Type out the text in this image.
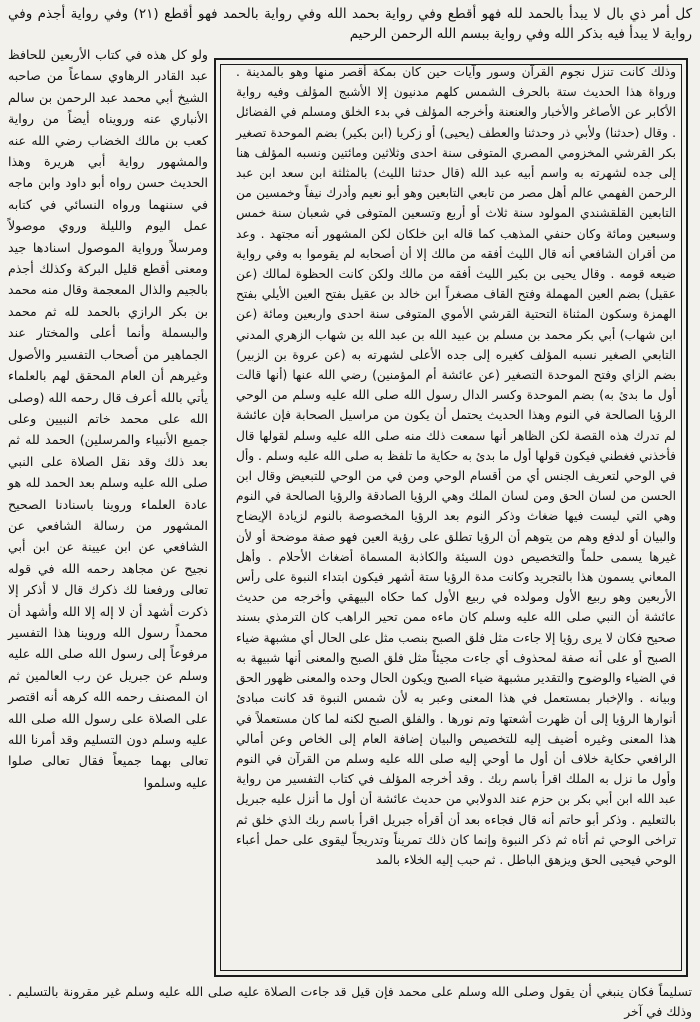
كل أمر ذي بال لا يبدأ بالحمد لله فهو أقطع وفي رواية بحمد الله وفي رواية بالحمد فهو أقطع (٢١) وفي رواية أجذم وفي رواية لا يبدأ فيه بذكر الله وفي رواية ببسم الله الرحمن الرحيم
وذلك كانت تنزل نجوم القرآن وسور وآيات حين كان بمكة أقصر منها وهو بالمدينة . ورواة هذا الحديث ستة بالحرف الشمس كلهم مدنيون إلا الأشبج المؤلف وفيه رواية الأكابر عن الأصاغر والأخبار والعنعنة وأخرجه المؤلف في بدء الخلق ومسلم في الفضائل . وقال (حدثنا) ولأبي ذر وحدثنا والعطف (يحيى) أو زكريا (ابن بكير) بضم الموحدة تصغير بكر القرشي المخزومي المصري المتوفى سنة احدى وثلاثين ومائتين ونسبه المؤلف هنا إلى جده لشهرته به واسم أبيه عبد الله (قال حدثنا الليث) بالمثلثة ابن سعد ابن عبد الرحمن الفهمي عالم أهل مصر من تابعي التابعين وهو أبو نعيم وأدرك نيفاً وخمسين من التابعين القلقشندي المولود سنة ثلاث أو أربع وتسعين المتوفى في شعبان سنة خمس وسبعين ومائة وكان حنفي المذهب كما قاله ابن خلكان لكن المشهور أنه مجتهد . وعد من أقران الشافعي أنه قال الليث أفقه من مالك إلا أن أصحابه لم يقوموا به وفي رواية ضيعه قومه . وقال يحيى بن بكير الليث أفقه من مالك ولكن كانت الحظوة لمالك (عن عقيل) بضم العين المهملة وفتح القاف مصغراً ابن خالد بن عقيل بفتح العين الأيلي بفتح الهمزة وسكون المثناة التحتية القرشي الأموي المتوفى سنة احدى واربعين ومائة (عن ابن شهاب) أبي بكر محمد بن مسلم بن عبيد الله بن عبد الله بن شهاب الزهري المدني التابعي الصغير نسبه المؤلف كغيره إلى جده الأعلى لشهرته به (عن عروة بن الزبير) بضم الزاي وفتح الموحدة التصغير (عن عائشة أم المؤمنين) رضي الله عنها (أنها قالت أول ما بدئ به) بضم الموحدة وكسر الدال رسول الله صلى الله عليه وسلم من الوحي الرؤيا الصالحة في النوم وهذا الحديث يحتمل أن يكون من مراسيل الصحابة فإن عائشة لم تدرك هذه القصة لكن الظاهر أنها سمعت ذلك منه صلى الله عليه وسلم لقولها قال فأخذني فغطني فيكون قولها أول ما بدئ به حكاية ما تلفظ به صلى الله عليه وسلم . وأل في الوحي لتعريف الجنس أي من أقسام الوحي ومن في من الوحي للتبعيض وقال ابن الحسن من لسان الحق ومن لسان الملك وهي الرؤيا الصادقة والرؤيا الصالحة في النوم وهي التي ليست فيها ضغاث وذكر النوم بعد الرؤيا المخصوصة بالنوم لزيادة الإيضاح والبيان أو لدفع وهم من يتوهم أن الرؤيا تطلق على رؤية العين فهو صفة موضحة أو لأن غيرها يسمى حلماً والتخصيص دون السيئة والكاذبة المسماة أضغاث الأحلام . وأهل المعاني يسمون هذا بالتجريد وكانت مدة الرؤيا ستة أشهر فيكون ابتداء النبوة على رأس الأربعين وهو ربيع الأول ومولده في ربيع الأول كما حكاه البيهقي وأخرجه من حديث عائشة أن النبي صلى الله عليه وسلم كان ماءه ممن تحير الراهب كان الترمذي بسند صحيح فكان لا يرى رؤيا إلا جاءت مثل فلق الصبح بنصب مثل على الحال أي مشبهة ضياء الصبح أو على أنه صفة لمحذوف أي جاءت مجيئاً مثل فلق الصبح والمعنى أنها شبيهة به في الضياء والوضوح والتقدير مشبهة ضياء الصبح ويكون الحال وحده والمعنى ظهور الحق وبيانه . والإخبار بمستعمل في هذا المعنى وعبر به لأن شمس النبوة قد كانت مبادئ أنوارها الرؤيا إلى أن ظهرت أشعتها وتم نورها . والفلق الصبح لكنه لما كان مستعملاً في هذا المعنى وغيره أضيف إليه للتخصيص والبيان إضافة العام إلى الخاص وعن أمالي الرافعي حكاية خلاف أن أول ما أوحي إليه صلى الله عليه وسلم من القرآن في النوم وأول ما نزل به الملك اقرأ باسم ربك . وقد أخرجه المؤلف في كتاب التفسير من رواية عبد الله ابن أبي بكر بن حزم عند الدولابي من حديث عائشة أن أول ما أنزل عليه جبريل بالتعليم . وذكر أبو حاتم أنه قال فجاءه بعد أن أقرأه جبريل اقرأ باسم ربك الذي خلق ثم تراخى الوحي ثم أتاه ثم ذكر النبوة وإنما كان ذلك تمريناً وتدريجاً ليقوى على حمل أعباء الوحي فيحيى الحق ويزهق الباطل . ثم حبب إليه الخلاء بالمد
ولو كل هذه في كتاب الأربعين للحافظ عبد القادر الرهاوي سماعاً من صاحبه الشيخ أبي محمد عبد الرحمن بن سالم الأنباري عنه ورويناه أيضاً من رواية كعب بن مالك الخضاب رضي الله عنه والمشهور رواية أبي هريرة وهذا الحديث حسن رواه أبو داود وابن ماجه في سننهما ورواه النسائي في كتابه عمل اليوم والليلة وروي موصولاً ومرسلاً ورواية الموصول اسنادها جيد ومعنى أقطع قليل البركة وكذلك أجذم بالجيم والذال المعجمة وقال منه محمد بن بكر الرازي بالحمد لله ثم محمد والبسملة وأنما أعلى والمختار عند الجماهير من أصحاب التفسير والأصول وغيرهم أن العام المحقق لهم بالعلماء يأتي بالله أعرف قال رحمه الله (وصلى الله على محمد خاتم النبيين وعلى جميع الأنبياء والمرسلين) الحمد لله ثم بعد ذلك وقد نقل الصلاة على النبي صلى الله عليه وسلم بعد الحمد لله هو عادة العلماء وروينا باسنادنا الصحيح المشهور من رسالة الشافعي عن الشافعي عن ابن عيينة عن ابن أبي نجيح عن مجاهد رحمه الله في قوله تعالى ورفعنا لك ذكرك قال لا أذكر إلا ذكرت أشهد أن لا إله إلا الله وأشهد أن محمداً رسول الله وروينا هذا التفسير مرفوعاً إلى رسول الله صلى الله عليه وسلم عن جبريل عن رب العالمين ثم ان المصنف رحمه الله كرهه أنه اقتصر على الصلاة على رسول الله صلى الله عليه وسلم دون التسليم وقد أمرنا الله تعالى بهما جميعاً فقال تعالى صلوا عليه وسلموا
تسليماً فكان ينبغي أن يقول وصلى الله وسلم على محمد فإن قيل قد جاءت الصلاة عليه صلى الله عليه وسلم غير مقرونة بالتسليم . وذلك في آخر
